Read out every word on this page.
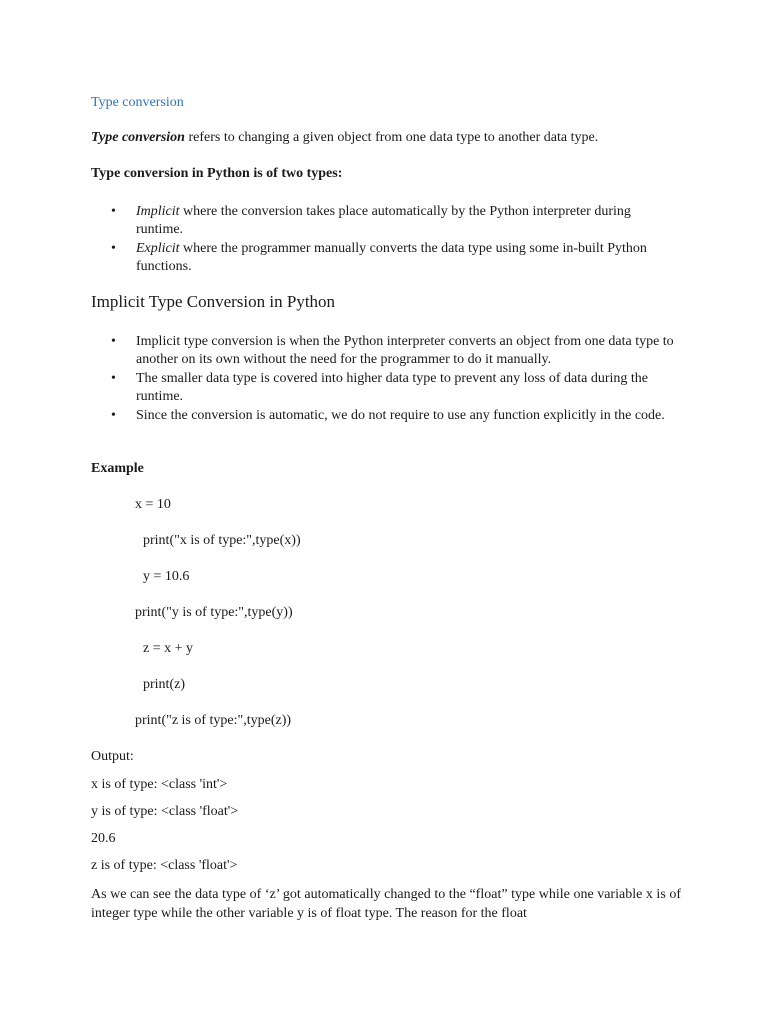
Type conversion
Type conversion refers to changing a given object from one data type to another data type.
Type conversion in Python is of two types:
• Implicit where the conversion takes place automatically by the Python interpreter during runtime.
• Explicit where the programmer manually converts the data type using some in-built Python functions.
Implicit Type Conversion in Python
• Implicit type conversion is when the Python interpreter converts an object from one data type to another on its own without the need for the programmer to do it manually.
• The smaller data type is covered into higher data type to prevent any loss of data during the runtime.
• Since the conversion is automatic, we do not require to use any function explicitly in the code.
Example
x = 10
print("x is of type:",type(x))
y = 10.6
print("y is of type:",type(y))
z = x + y
print(z)
print("z is of type:",type(z))
Output:
x is of type: <class 'int'>
y is of type: <class 'float'>
20.6
z is of type: <class 'float'>
As we can see the data type of ‘z’ got automatically changed to the “float” type while one variable x is of integer type while the other variable y is of float type. The reason for the float
